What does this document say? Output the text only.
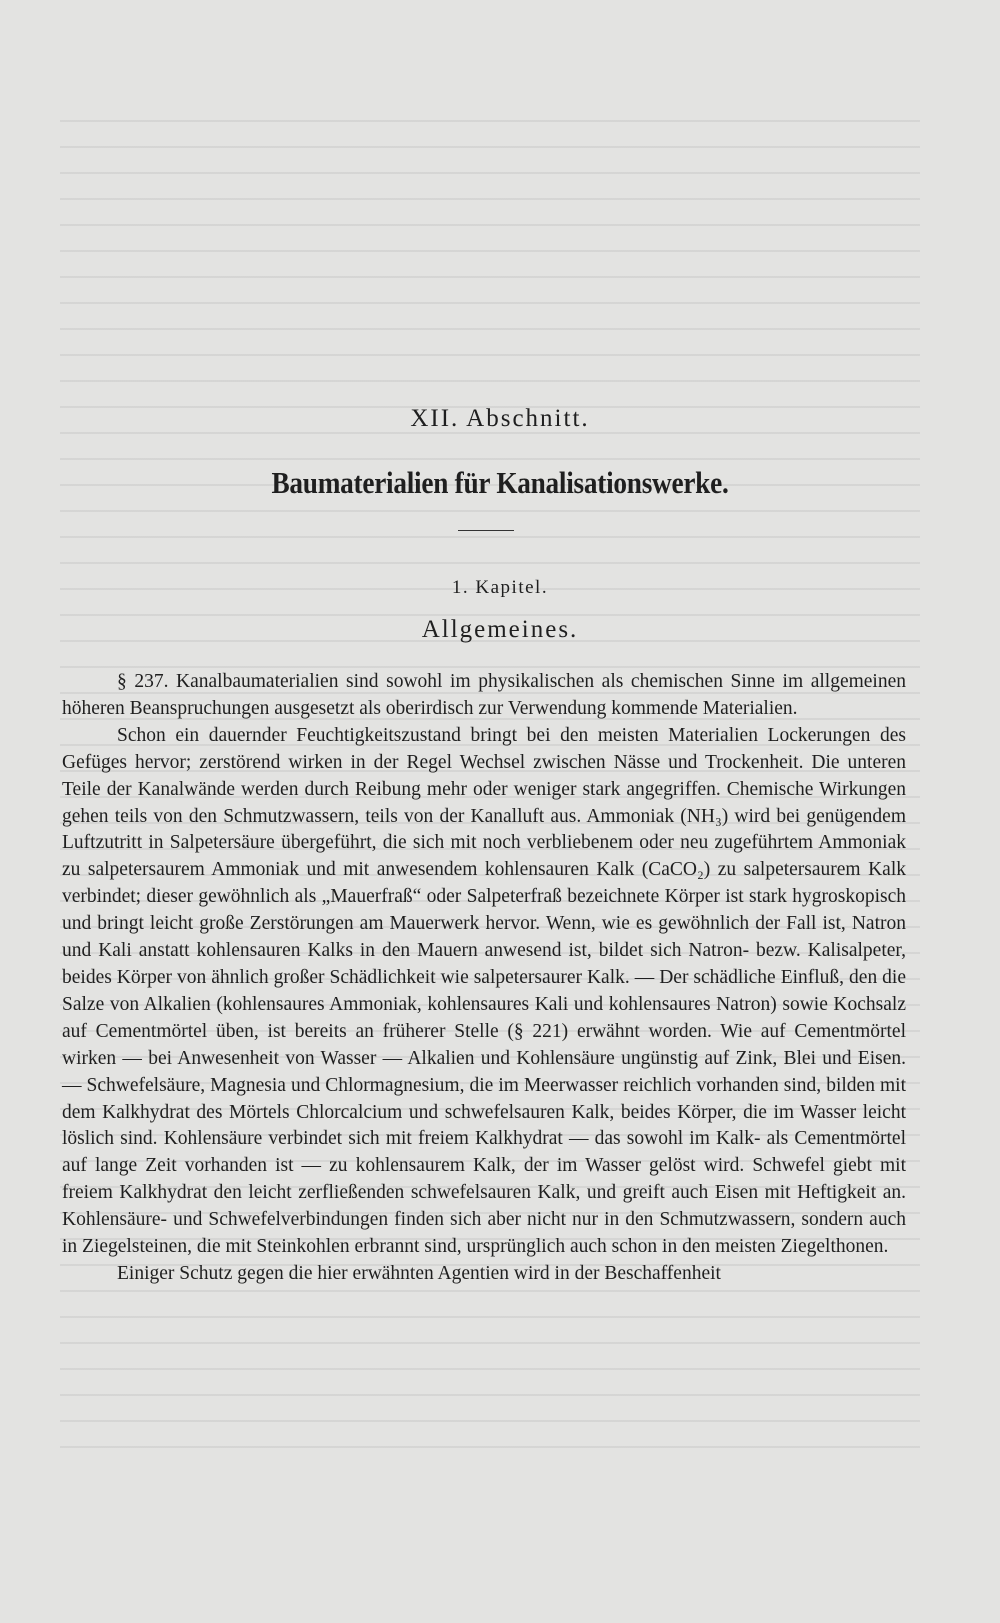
XII. Abschnitt.
Baumaterialien für Kanalisationswerke.
1. Kapitel.
Allgemeines.

§ 237. Kanalbaumaterialien sind sowohl im physikalischen als chemischen Sinne im allgemeinen höheren Beanspruchungen ausgesetzt als oberirdisch zur Verwendung kommende Materialien.

Schon ein dauernder Feuchtigkeitszustand bringt bei den meisten Materialien Lockerungen des Gefüges hervor; zerstörend wirken in der Regel Wechsel zwischen Nässe und Trockenheit. Die unteren Teile der Kanalwände werden durch Reibung mehr oder weniger stark angegriffen. Chemische Wirkungen gehen teils von den Schmutzwassern, teils von der Kanalluft aus. Ammoniak (NH₃) wird bei genügendem Luftzutritt in Salpetersäure übergeführt, die sich mit noch verbliebenem oder neu zugeführtem Ammoniak zu salpetersaurem Ammoniak und mit anwesendem kohlensauren Kalk (CaCO₂) zu salpetersaurem Kalk verbindet; dieser gewöhnlich als „Mauerfraß“ oder Salpeterfraß bezeichnete Körper ist stark hygroskopisch und bringt leicht große Zerstörungen am Mauerwerk hervor. Wenn, wie es gewöhnlich der Fall ist, Natron und Kali anstatt kohlensauren Kalks in den Mauern anwesend ist, bildet sich Natron- bezw. Kalisalpeter, beides Körper von ähnlich großer Schädlichkeit wie salpetersaurer Kalk. — Der schädliche Einfluß, den die Salze von Alkalien (kohlensaures Ammoniak, kohlensaures Kali und kohlensaures Natron) sowie Kochsalz auf Cementmörtel üben, ist bereits an früherer Stelle (§ 221) erwähnt worden. Wie auf Cementmörtel wirken — bei Anwesenheit von Wasser — Alkalien und Kohlensäure ungünstig auf Zink, Blei und Eisen. — Schwefelsäure, Magnesia und Chlormagnesium, die im Meerwasser reichlich vorhanden sind, bilden mit dem Kalkhydrat des Mörtels Chlorcalcium und schwefelsauren Kalk, beides Körper, die im Wasser leicht löslich sind. Kohlensäure verbindet sich mit freiem Kalkhydrat — das sowohl im Kalk- als Cementmörtel auf lange Zeit vorhanden ist — zu kohlensaurem Kalk, der im Wasser gelöst wird. Schwefel giebt mit freiem Kalkhydrat den leicht zerfließenden schwefelsauren Kalk, und greift auch Eisen mit Heftigkeit an. Kohlensäure- und Schwefelverbindungen finden sich aber nicht nur in den Schmutzwassern, sondern auch in Ziegelsteinen, die mit Steinkohlen erbrannt sind, ursprünglich auch schon in den meisten Ziegelthonen.

Einiger Schutz gegen die hier erwähnten Agentien wird in der Beschaffenheit
